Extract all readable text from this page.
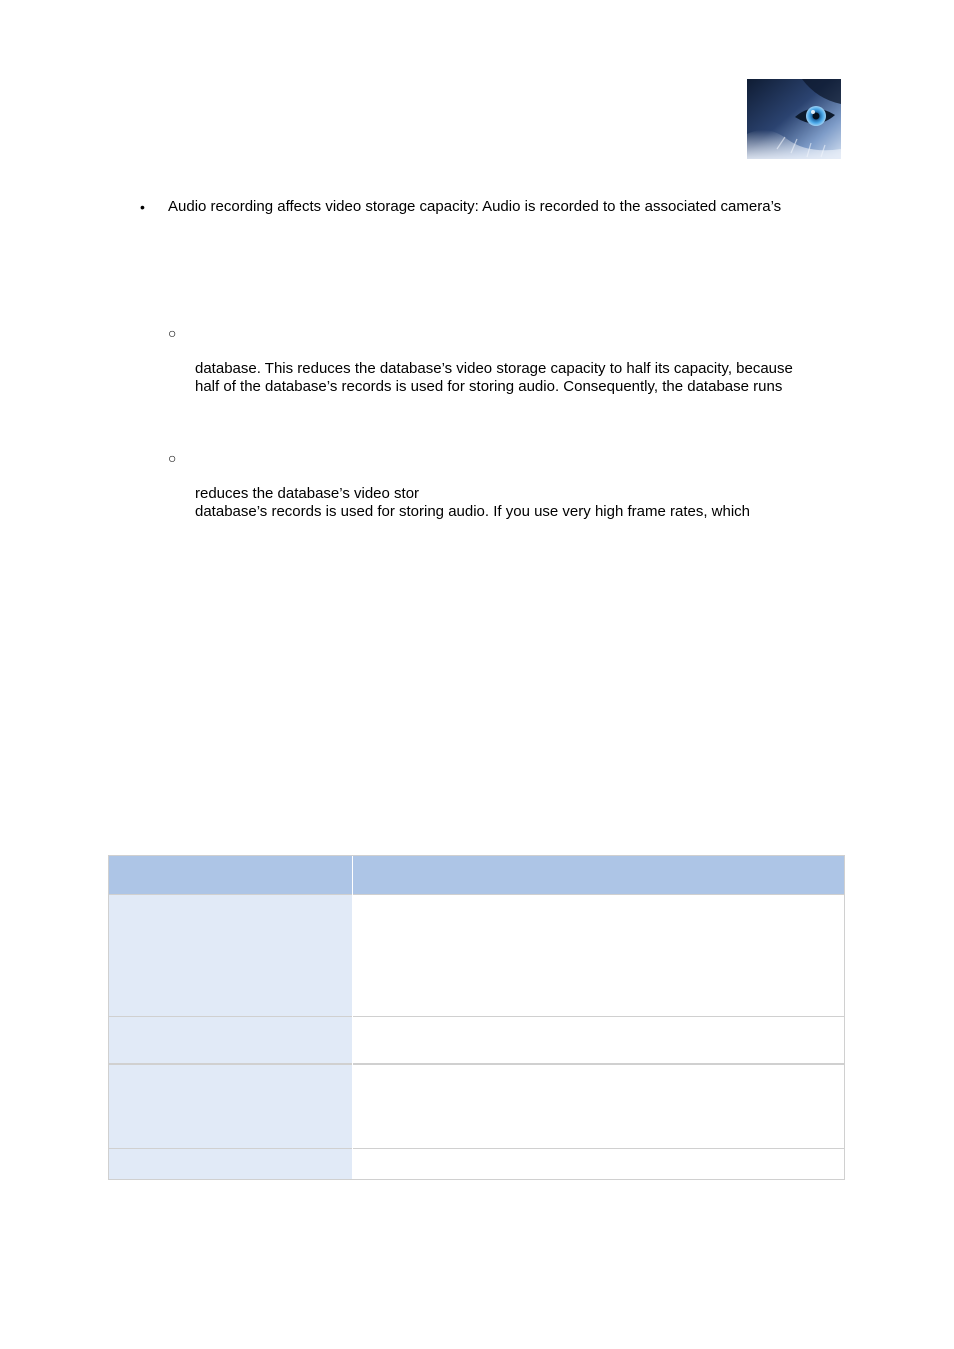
• Audio recording affects video storage capacity: Audio is recorded to the associated camera’s
○
database. This reduces the database’s video storage capacity to half its capacity, because
half of the database’s records is used for storing audio. Consequently, the database runs
○
reduces the database’s video stor
database’s records is used for storing audio. If you use very high frame rates, which
